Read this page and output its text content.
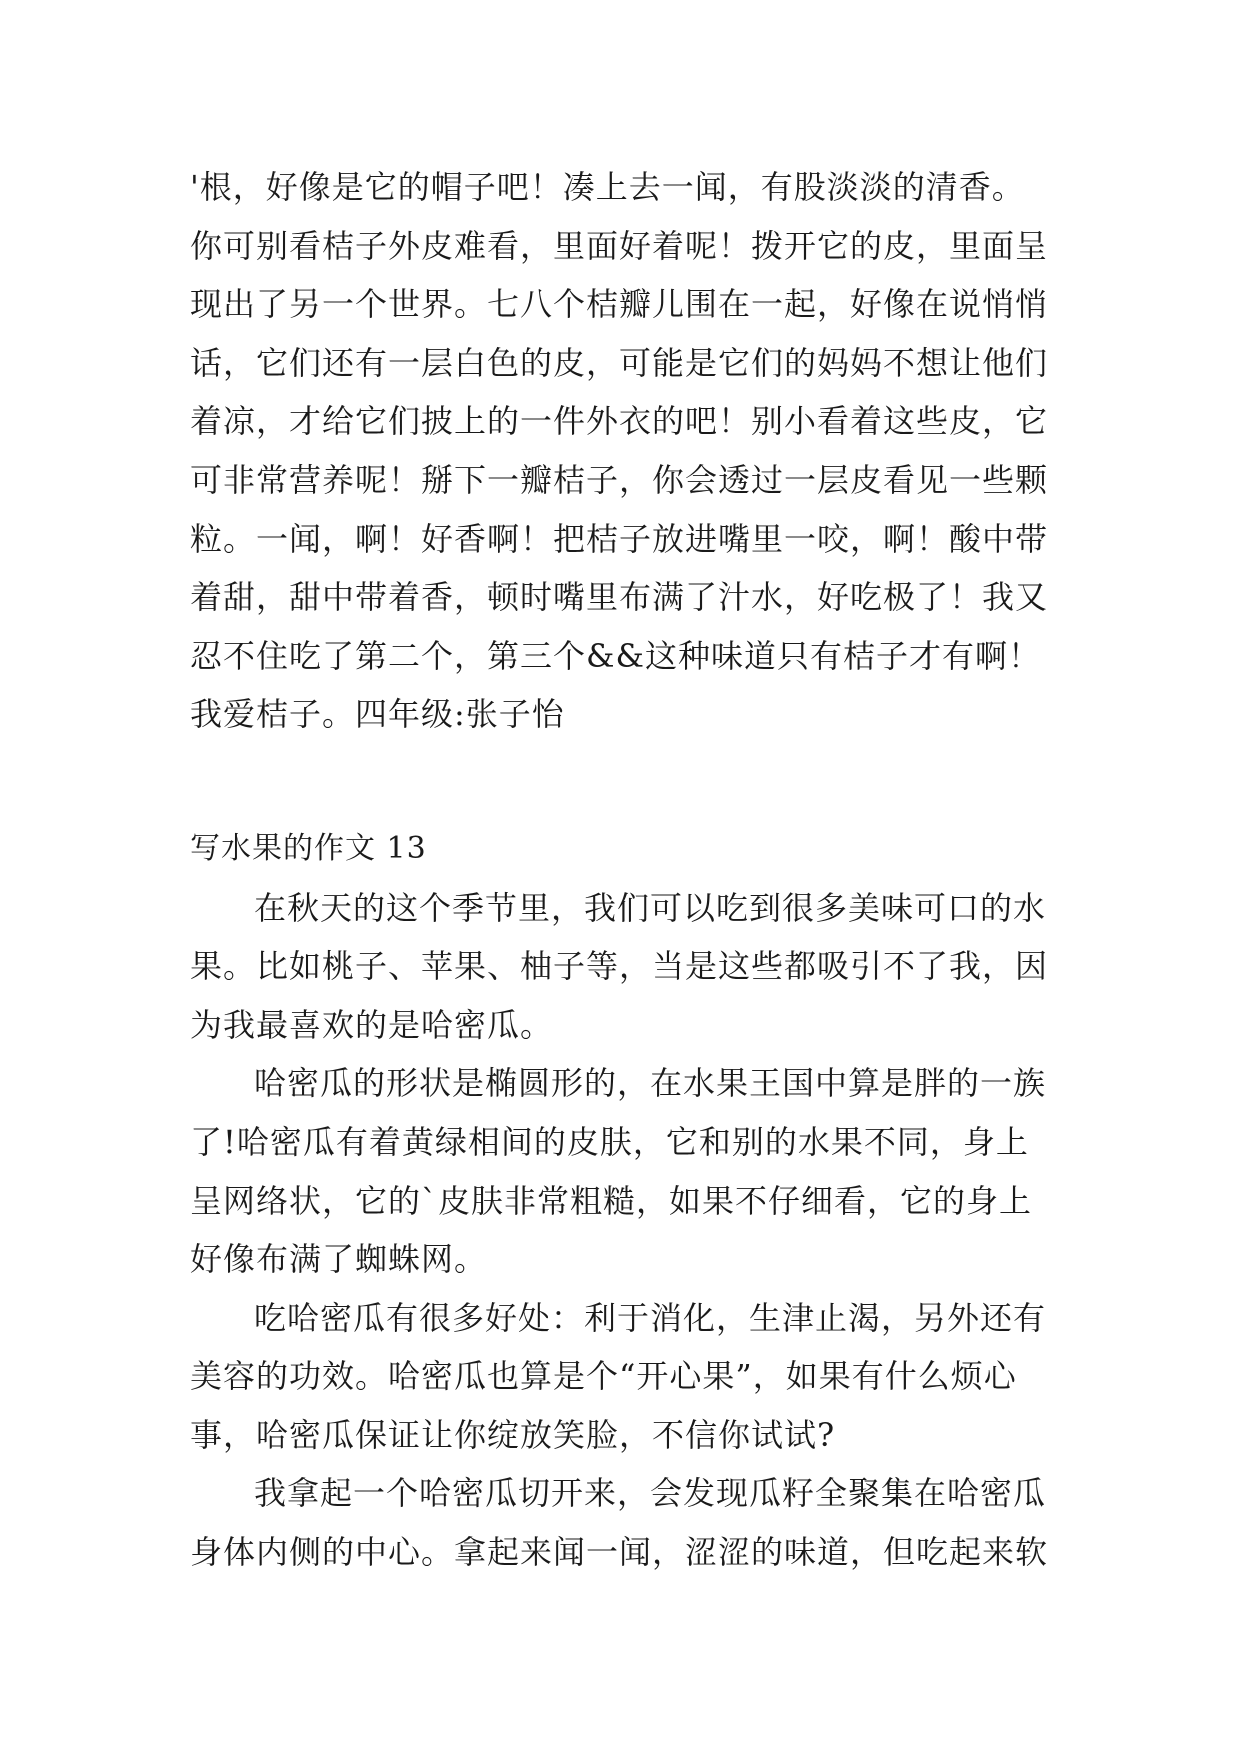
'根，好像是它的帽子吧！凑上去一闻，有股淡淡的清香。
你可别看桔子外皮难看，里面好着呢！拨开它的皮，里面呈
现出了另一个世界。七八个桔瓣儿围在一起，好像在说悄悄
话，它们还有一层白色的皮，可能是它们的妈妈不想让他们
着凉，才给它们披上的一件外衣的吧！别小看着这些皮，它
可非常营养呢！掰下一瓣桔子，你会透过一层皮看见一些颗
粒。一闻，啊！好香啊！把桔子放进嘴里一咬，啊！酸中带
着甜，甜中带着香，顿时嘴里布满了汁水，好吃极了！我又
忍不住吃了第二个，第三个&&这种味道只有桔子才有啊！
我爱桔子。四年级:张子怡
写水果的作文 13
在秋天的这个季节里，我们可以吃到很多美味可口的水
果。比如桃子、苹果、柚子等，当是这些都吸引不了我，因
为我最喜欢的是哈密瓜。
哈密瓜的形状是椭圆形的，在水果王国中算是胖的一族
了!哈密瓜有着黄绿相间的皮肤，它和别的水果不同，身上
呈网络状，它的`皮肤非常粗糙，如果不仔细看，它的身上
好像布满了蜘蛛网。
吃哈密瓜有很多好处：利于消化，生津止渴，另外还有
美容的功效。哈密瓜也算是个“开心果”，如果有什么烦心
事，哈密瓜保证让你绽放笑脸，不信你试试?
我拿起一个哈密瓜切开来，会发现瓜籽全聚集在哈密瓜
身体内侧的中心。拿起来闻一闻，涩涩的味道，但吃起来软
